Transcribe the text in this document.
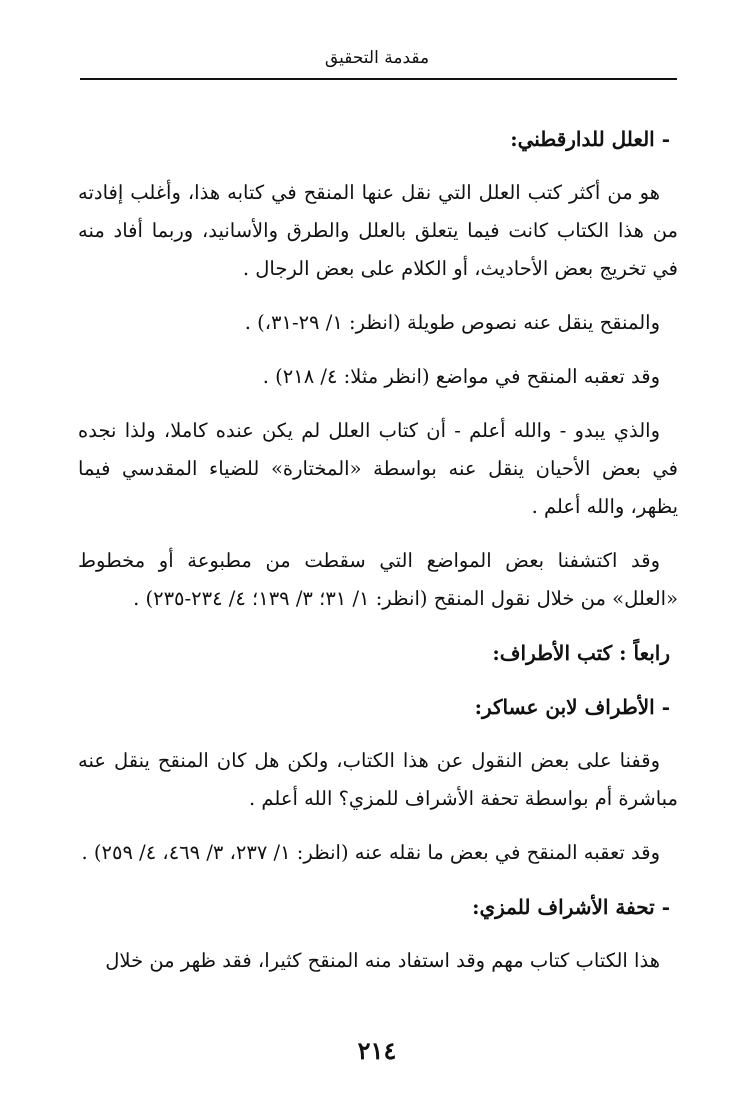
مقدمة التحقيق
- العلل للدارقطني:

هو من أكثر كتب العلل التي نقل عنها المنقح في كتابه هذا، وأغلب إفادته من هذا الكتاب كانت فيما يتعلق بالعلل والطرق والأسانيد، وربما أفاد منه في تخريج بعض الأحاديث، أو الكلام على بعض الرجال .

والمنقح ينقل عنه نصوص طويلة (انظر: ١/ ٢٩-٣١،) .

وقد تعقبه المنقح في مواضع (انظر مثلا: ٤/ ٢١٨) .

والذي يبدو - والله أعلم - أن كتاب العلل لم يكن عنده كاملا، ولذا نجده في بعض الأحيان ينقل عنه بواسطة «المختارة» للضياء المقدسي فيما يظهر، والله أعلم .

وقد اكتشفنا بعض المواضع التي سقطت من مطبوعة أو مخطوط «العلل» من خلال نقول المنقح (انظر: ١/ ٣١؛ ٣/ ١٣٩؛ ٤/ ٢٣٤-٢٣٥) .

رابعاً : كتب الأطراف:
- الأطراف لابن عساكر:

وقفنا على بعض النقول عن هذا الكتاب، ولكن هل كان المنقح ينقل عنه مباشرة أم بواسطة تحفة الأشراف للمزي؟ الله أعلم .

وقد تعقبه المنقح في بعض ما نقله عنه (انظر: ١/ ٢٣٧، ٣/ ٤٦٩، ٤/ ٢٥٩) .

- تحفة الأشراف للمزي:

هذا الكتاب كتاب مهم وقد استفاد منه المنقح كثيرا، فقد ظهر من خلال

٢١٤
